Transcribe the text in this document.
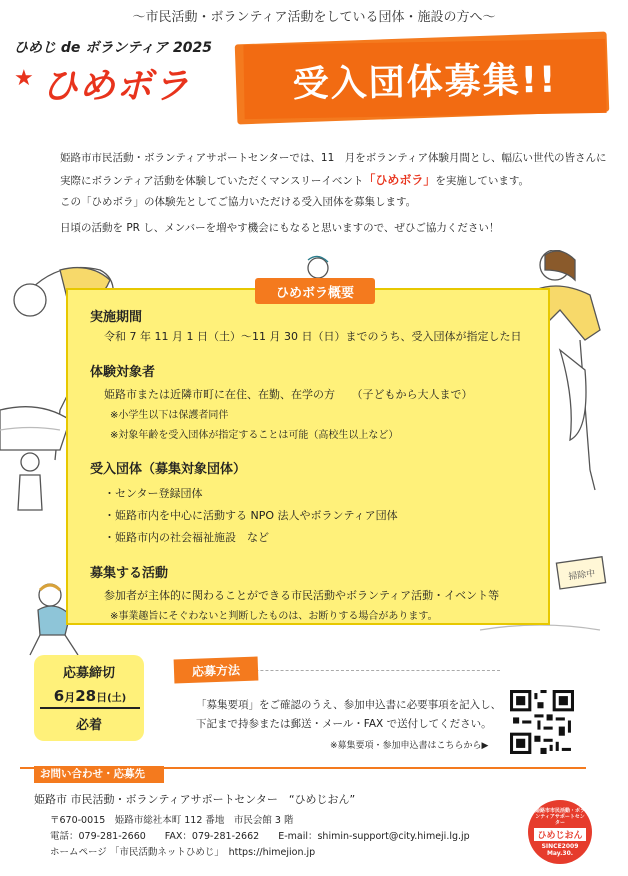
～市民活動・ボランティア活動をしている団体・施設の方へ～
ひめじ de ボランティア 2025
★ ひめボラ	受入団体募集!!
姫路市市民活動・ボランティアサポートセンターでは、11　月をボランティア体験月間とし、幅広い世代の皆さんに
実際にボランティア活動を体験していただくマンスリーイベント「ひめボラ」を実施しています。
この「ひめボラ」の体験先としてご協力いただける受入団体を募集します。
日頃の活動を PR し、メンバーを増やす機会にもなると思いますので、ぜひご協力ください！
掃除中
ひめボラ概要
実施期間
令和 7 年 11 月 1 日（土）～11 月 30 日（日）までのうち、受入団体が指定した日
体験対象者
姫路市または近隣市町に在住、在勤、在学の方　　（子どもから大人まで）
※小学生以下は保護者同伴
※対象年齢を受入団体が指定することは可能（高校生以上など）
受入団体（募集対象団体）
・センター登録団体
・姫路市内を中心に活動する NPO 法人やボランティア団体
・姫路市内の社会福祉施設　など
募集する活動
参加者が主体的に関わることができる市民活動やボランティア活動・イベント等
※事業趣旨にそぐわないと判断したものは、お断りする場合があります。
応募締切
6月28日(土)
必着
応募方法
「募集要項」をご確認のうえ、参加申込書に必要事項を記入し、
下記まで持参または郵送・メール・FAX で送付してください。
※募集要項・参加申込書はこちらから▶
お問い合わせ・応募先
姫路市 市民活動・ボランティアサポートセンター　“ひめじおん”
〒670-0015　姫路市総社本町 112 番地　市民会館 3 階
電話：079-281-2660　　FAX：079-281-2662　　E-mail：shimin-support@city.himeji.lg.jp
ホームページ 「市民活動ネットひめじ」　https://himejion.jp
姫路市市民活動・ボランティアサポートセンター
ひめじおん
SINCE2009
May.30.
